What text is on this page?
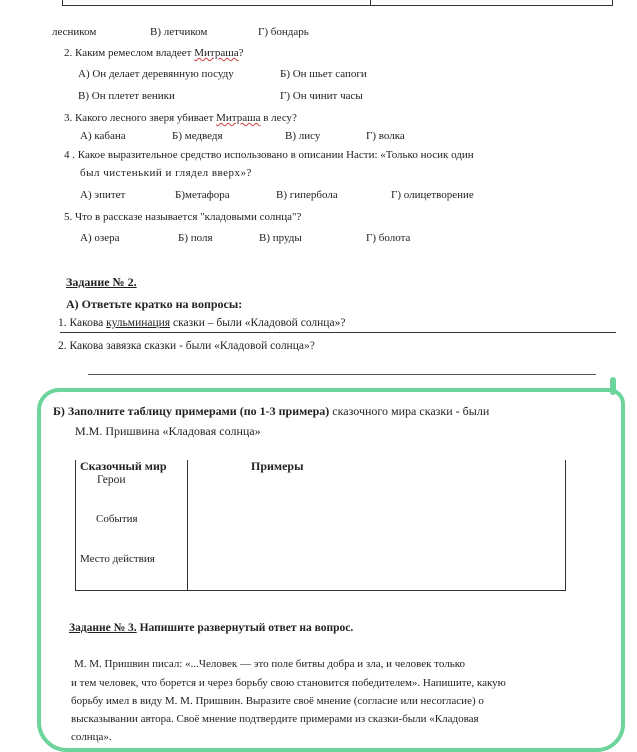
лесником	В) летчиком	Г) бондарь
2. Каким ремеслом владеет Митраша?
А) Он делает деревянную посуду	Б) Он шьет сапоги
В) Он плетет веники	Г) Он чинит часы
3. Какого лесного зверя убивает Митраша в лесу?
А) кабана	Б) медведя	В) лису	Г) волка
4 . Какое выразительное средство использовано в описании Насти: «Только носик один
был чистенький и глядел вверх»?
А) эпитет	Б)метафора	В) гипербола	Г) олицетворение
5. Что в рассказе называется "кладовыми солнца"?
А) озера	Б) поля	В) пруды	Г) болота
Задание № 2.
А) Ответьте кратко на вопросы:
1. Какова кульминация сказки – были «Кладовой солнца»?
2. Какова завязка сказки - были «Кладовой солнца»?
Б) Заполните таблицу примерами (по 1-3 примера) сказочного мира сказки - были
М.М. Пришвина «Кладовая солнца»
Сказочный мир	Примеры
Герои
События
Место действия
Задание № 3. Напишите развернутый ответ на вопрос.
М. М. Пришвин писал: «...Человек — это поле битвы добра и зла, и человек только
и тем человек, что борется и через борьбу свою становится победителем». Напишите, какую
борьбу имел в виду М. М. Пришвин. Выразите своё мнение (согласие или несогласие) о
высказывании автора. Своё мнение подтвердите примерами из сказки-были «Кладовая
солнца».
